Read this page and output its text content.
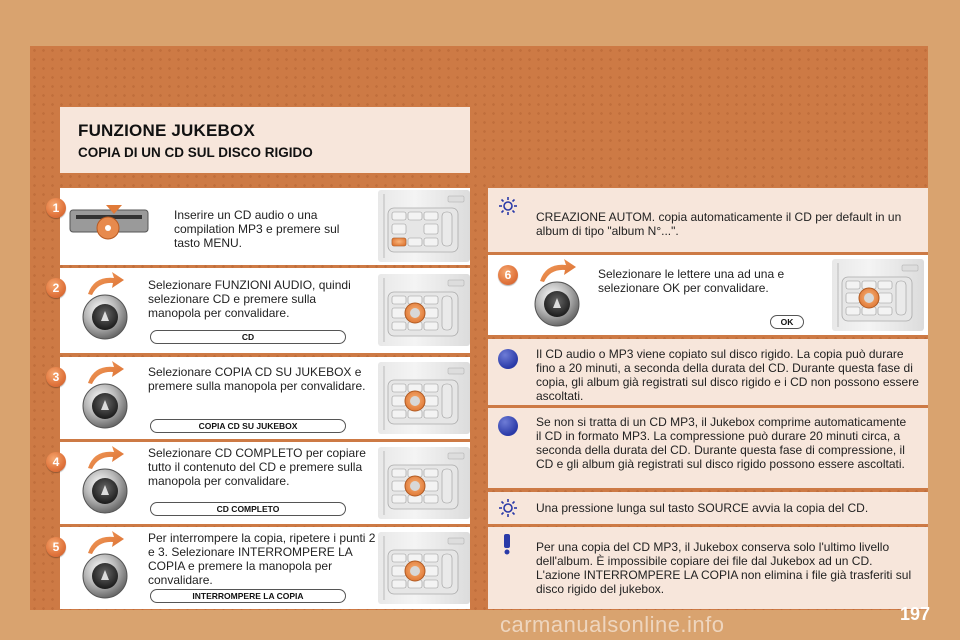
FUNZIONE JUKEBOX
COPIA DI UN CD SUL DISCO RIGIDO
1	Inserire un CD audio o una compilation MP3 e premere sul tasto MENU.
2	Selezionare FUNZIONI AUDIO, quindi selezionare CD e premere sulla manopola per convalidare.
CD
3	Selezionare COPIA CD SU JUKEBOX e premere sulla manopola per convalidare.
COPIA CD SU JUKEBOX
4
Selezionare CD COMPLETO per copiare tutto il contenuto del CD e premere sulla manopola per convalidare.
CD COMPLETO
5
Per interrompere la copia, ripetere i punti 2 e 3. Selezionare INTERROMPERE LA COPIA e premere la manopola per convalidare.
INTERROMPERE LA COPIA
CREAZIONE AUTOM. copia automaticamente il CD per default in un album di tipo "album N°...".
6	Selezionare le lettere una ad una e selezionare OK per convalidare.
OK
Il CD audio o MP3 viene copiato sul disco rigido. La copia può durare fino a 20 minuti, a seconda della durata del CD. Durante questa fase di copia, gli album già registrati sul disco rigido e i CD non possono essere ascoltati.
Se non si tratta di un CD MP3, il Jukebox comprime automaticamente il CD in formato MP3. La compressione può durare 20 minuti circa, a seconda della durata del CD. Durante questa fase di compressione, il CD e gli album già registrati sul disco rigido possono essere ascoltati.
Una pressione lunga sul tasto SOURCE avvia la copia del CD.
Per una copia del CD MP3, il Jukebox conserva solo l'ultimo livello dell'album. È impossibile copiare dei file dal Jukebox ad un CD. L'azione INTERROMPERE LA COPIA non elimina i file già trasferiti sul disco rigido del jukebox.
197
carmanualsonline.info
